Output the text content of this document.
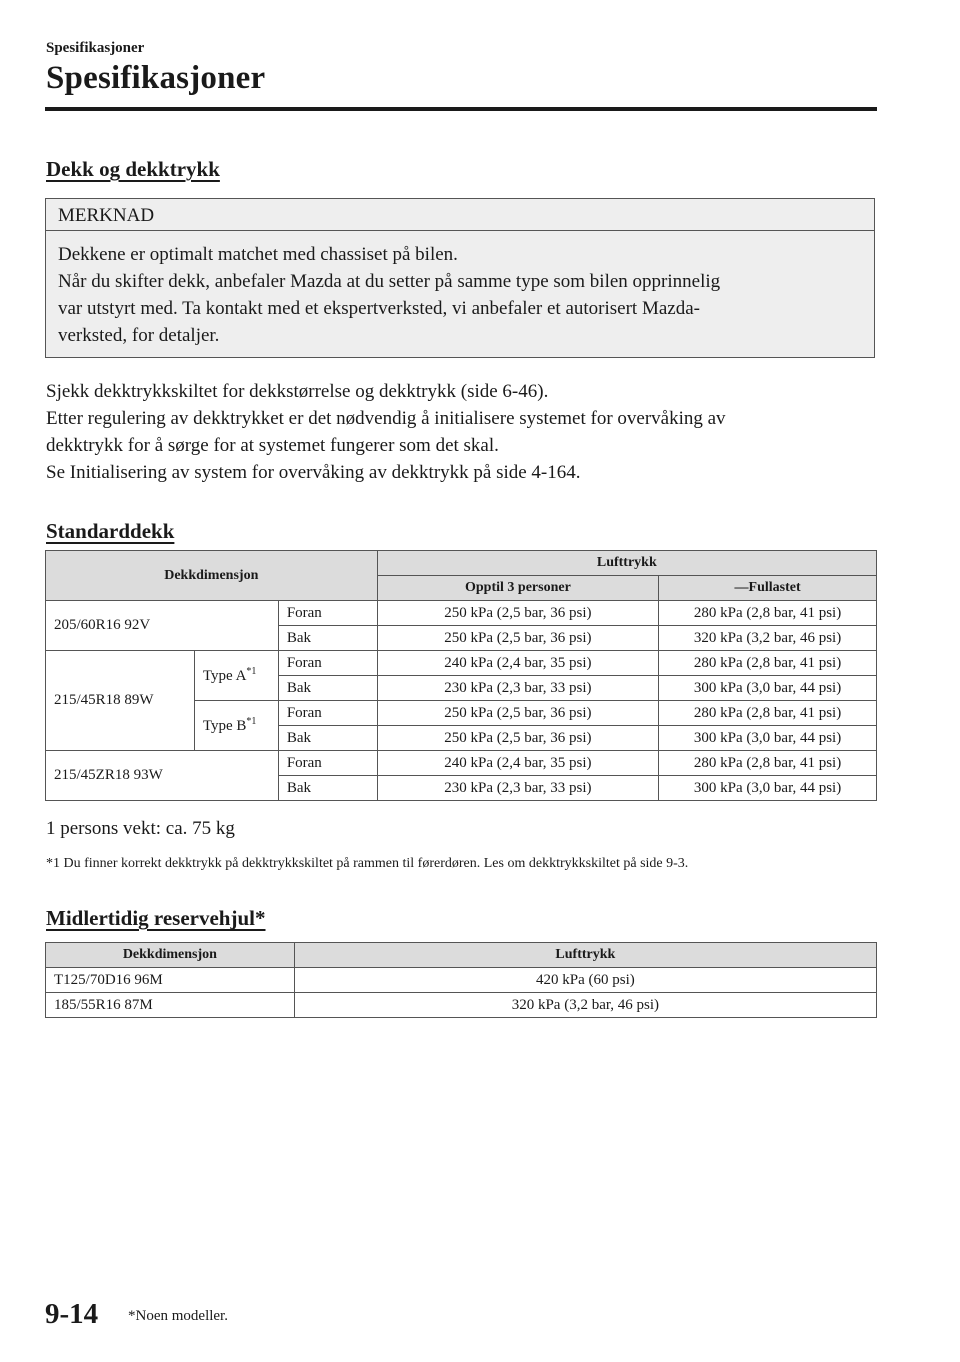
Spesifikasjoner
Spesifikasjoner
Dekk og dekktrykk
MERKNAD
Dekkene er optimalt matchet med chassiset på bilen.
Når du skifter dekk, anbefaler Mazda at du setter på samme type som bilen opprinnelig
var utstyrt med. Ta kontakt med et ekspertverksted, vi anbefaler et autorisert Mazda-
verksted, for detaljer.
Sjekk dekktrykkskiltet for dekkstørrelse og dekktrykk (side 6-46).
Etter regulering av dekktrykket er det nødvendig å initialisere systemet for overvåking av
dekktrykk for å sørge for at systemet fungerer som det skal.
Se Initialisering av system for overvåking av dekktrykk på side 4-164.
Standarddekk
Dekkdimensjon			Lufttrykk	
			Opptil 3 personer	—Fullastet
205/60R16 92V		Foran	250 kPa (2,5 bar, 36 psi)	280 kPa (2,8 bar, 41 psi)
		Bak	250 kPa (2,5 bar, 36 psi)	320 kPa (3,2 bar, 46 psi)
215/45R18 89W	Type $A^{*1}$	Foran	240 kPa (2,4 bar, 35 psi)	280 kPa (2,8 bar, 41 psi)
		Bak	230 kPa (2,3 bar, 33 psi)	300 kPa (3,0 bar, 44 psi)
	Type $B^{*1}$	Foran	250 kPa (2,5 bar, 36 psi)	280 kPa (2,8 bar, 41 psi)
		Bak	250 kPa (2,5 bar, 36 psi)	300 kPa (3,0 bar, 44 psi)
215/45ZR18 93W		Foran	240 kPa (2,4 bar, 35 psi)	280 kPa (2,8 bar, 41 psi)
		Bak	230 kPa (2,3 bar, 33 psi)	300 kPa (3,0 bar, 44 psi)
1 persons vekt: ca. 75 kg
*1 Du finner korrekt dekktrykk på dekktrykkskiltet på rammen til førerdøren. Les om dekktrykkskiltet på side 9-3.
Midlertidig reservehjul*
Dekkdimensjon	Lufttrykk
T125/70D16 96M	420 kPa (60 psi)
185/55R16 87M	320 kPa (3,2 bar, 46 psi)
9-14 *Noen modeller.
